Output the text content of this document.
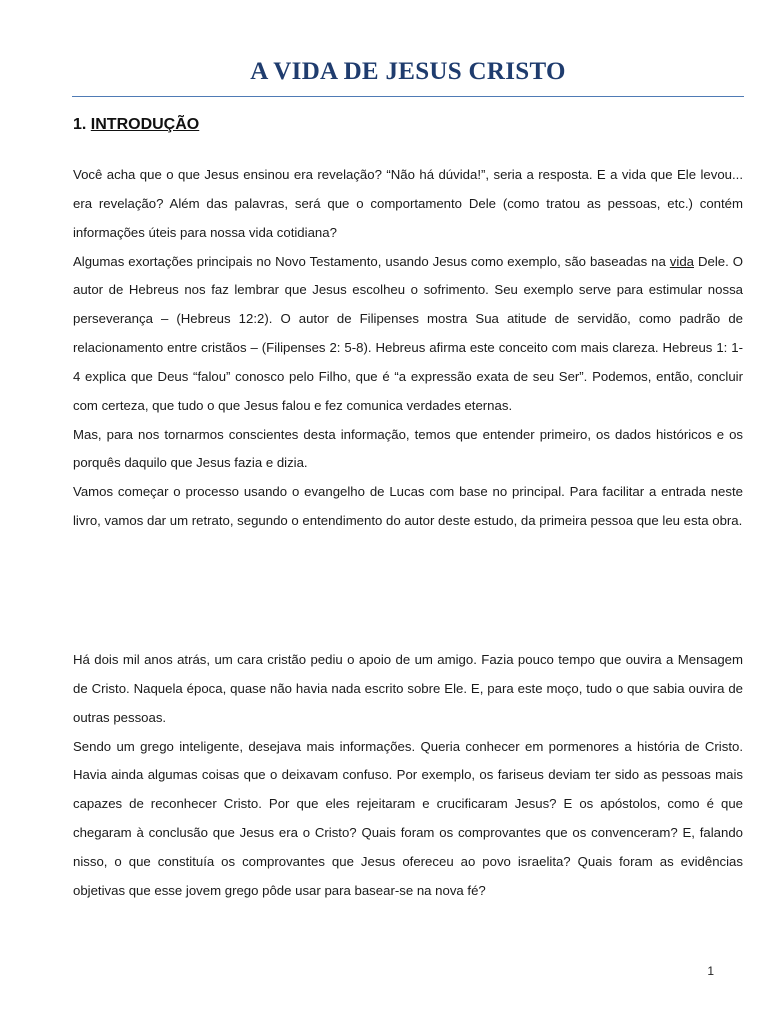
A VIDA DE JESUS CRISTO
1. INTRODUÇÃO

Você acha que o que Jesus ensinou era revelação? “Não há dúvida!”, seria a resposta. E a vida que Ele levou... era revelação? Além das palavras, será que o comportamento Dele (como tratou as pessoas, etc.) contém informações úteis para nossa vida cotidiana?

Algumas exortações principais no Novo Testamento, usando Jesus como exemplo, são baseadas na vida Dele. O autor de Hebreus nos faz lembrar que Jesus escolheu o sofrimento. Seu exemplo serve para estimular nossa perseverança – (Hebreus 12:2). O autor de Filipenses mostra Sua atitude de servidão, como padrão de relacionamento entre cristãos – (Filipenses 2: 5-8). Hebreus afirma este conceito com mais clareza. Hebreus 1: 1-4 explica que Deus “falou” conosco pelo Filho, que é “a expressão exata de seu Ser”. Podemos, então, concluir com certeza, que tudo o que Jesus falou e fez comunica verdades eternas.

Mas, para nos tornarmos conscientes desta informação, temos que entender primeiro, os dados históricos e os porquês daquilo que Jesus fazia e dizia.

Vamos começar o processo usando o evangelho de Lucas com base no principal. Para facilitar a entrada neste livro, vamos dar um retrato, segundo o entendimento do autor deste estudo, da primeira pessoa que leu esta obra.

Há dois mil anos atrás, um cara cristão pediu o apoio de um amigo. Fazia pouco tempo que ouvira a Mensagem de Cristo. Naquela época, quase não havia nada escrito sobre Ele. E, para este moço, tudo o que sabia ouvira de outras pessoas.

Sendo um grego inteligente, desejava mais informações. Queria conhecer em pormenores a história de Cristo. Havia ainda algumas coisas que o deixavam confuso. Por exemplo, os fariseus deviam ter sido as pessoas mais capazes de reconhecer Cristo. Por que eles rejeitaram e crucificaram Jesus? E os apóstolos, como é que chegaram à conclusão que Jesus era o Cristo? Quais foram os comprovantes que os convenceram? E, falando nisso, o que constituía os comprovantes que Jesus ofereceu ao povo israelita? Quais foram as evidências objetivas que esse jovem grego pôde usar para basear-se na nova fé?

1
